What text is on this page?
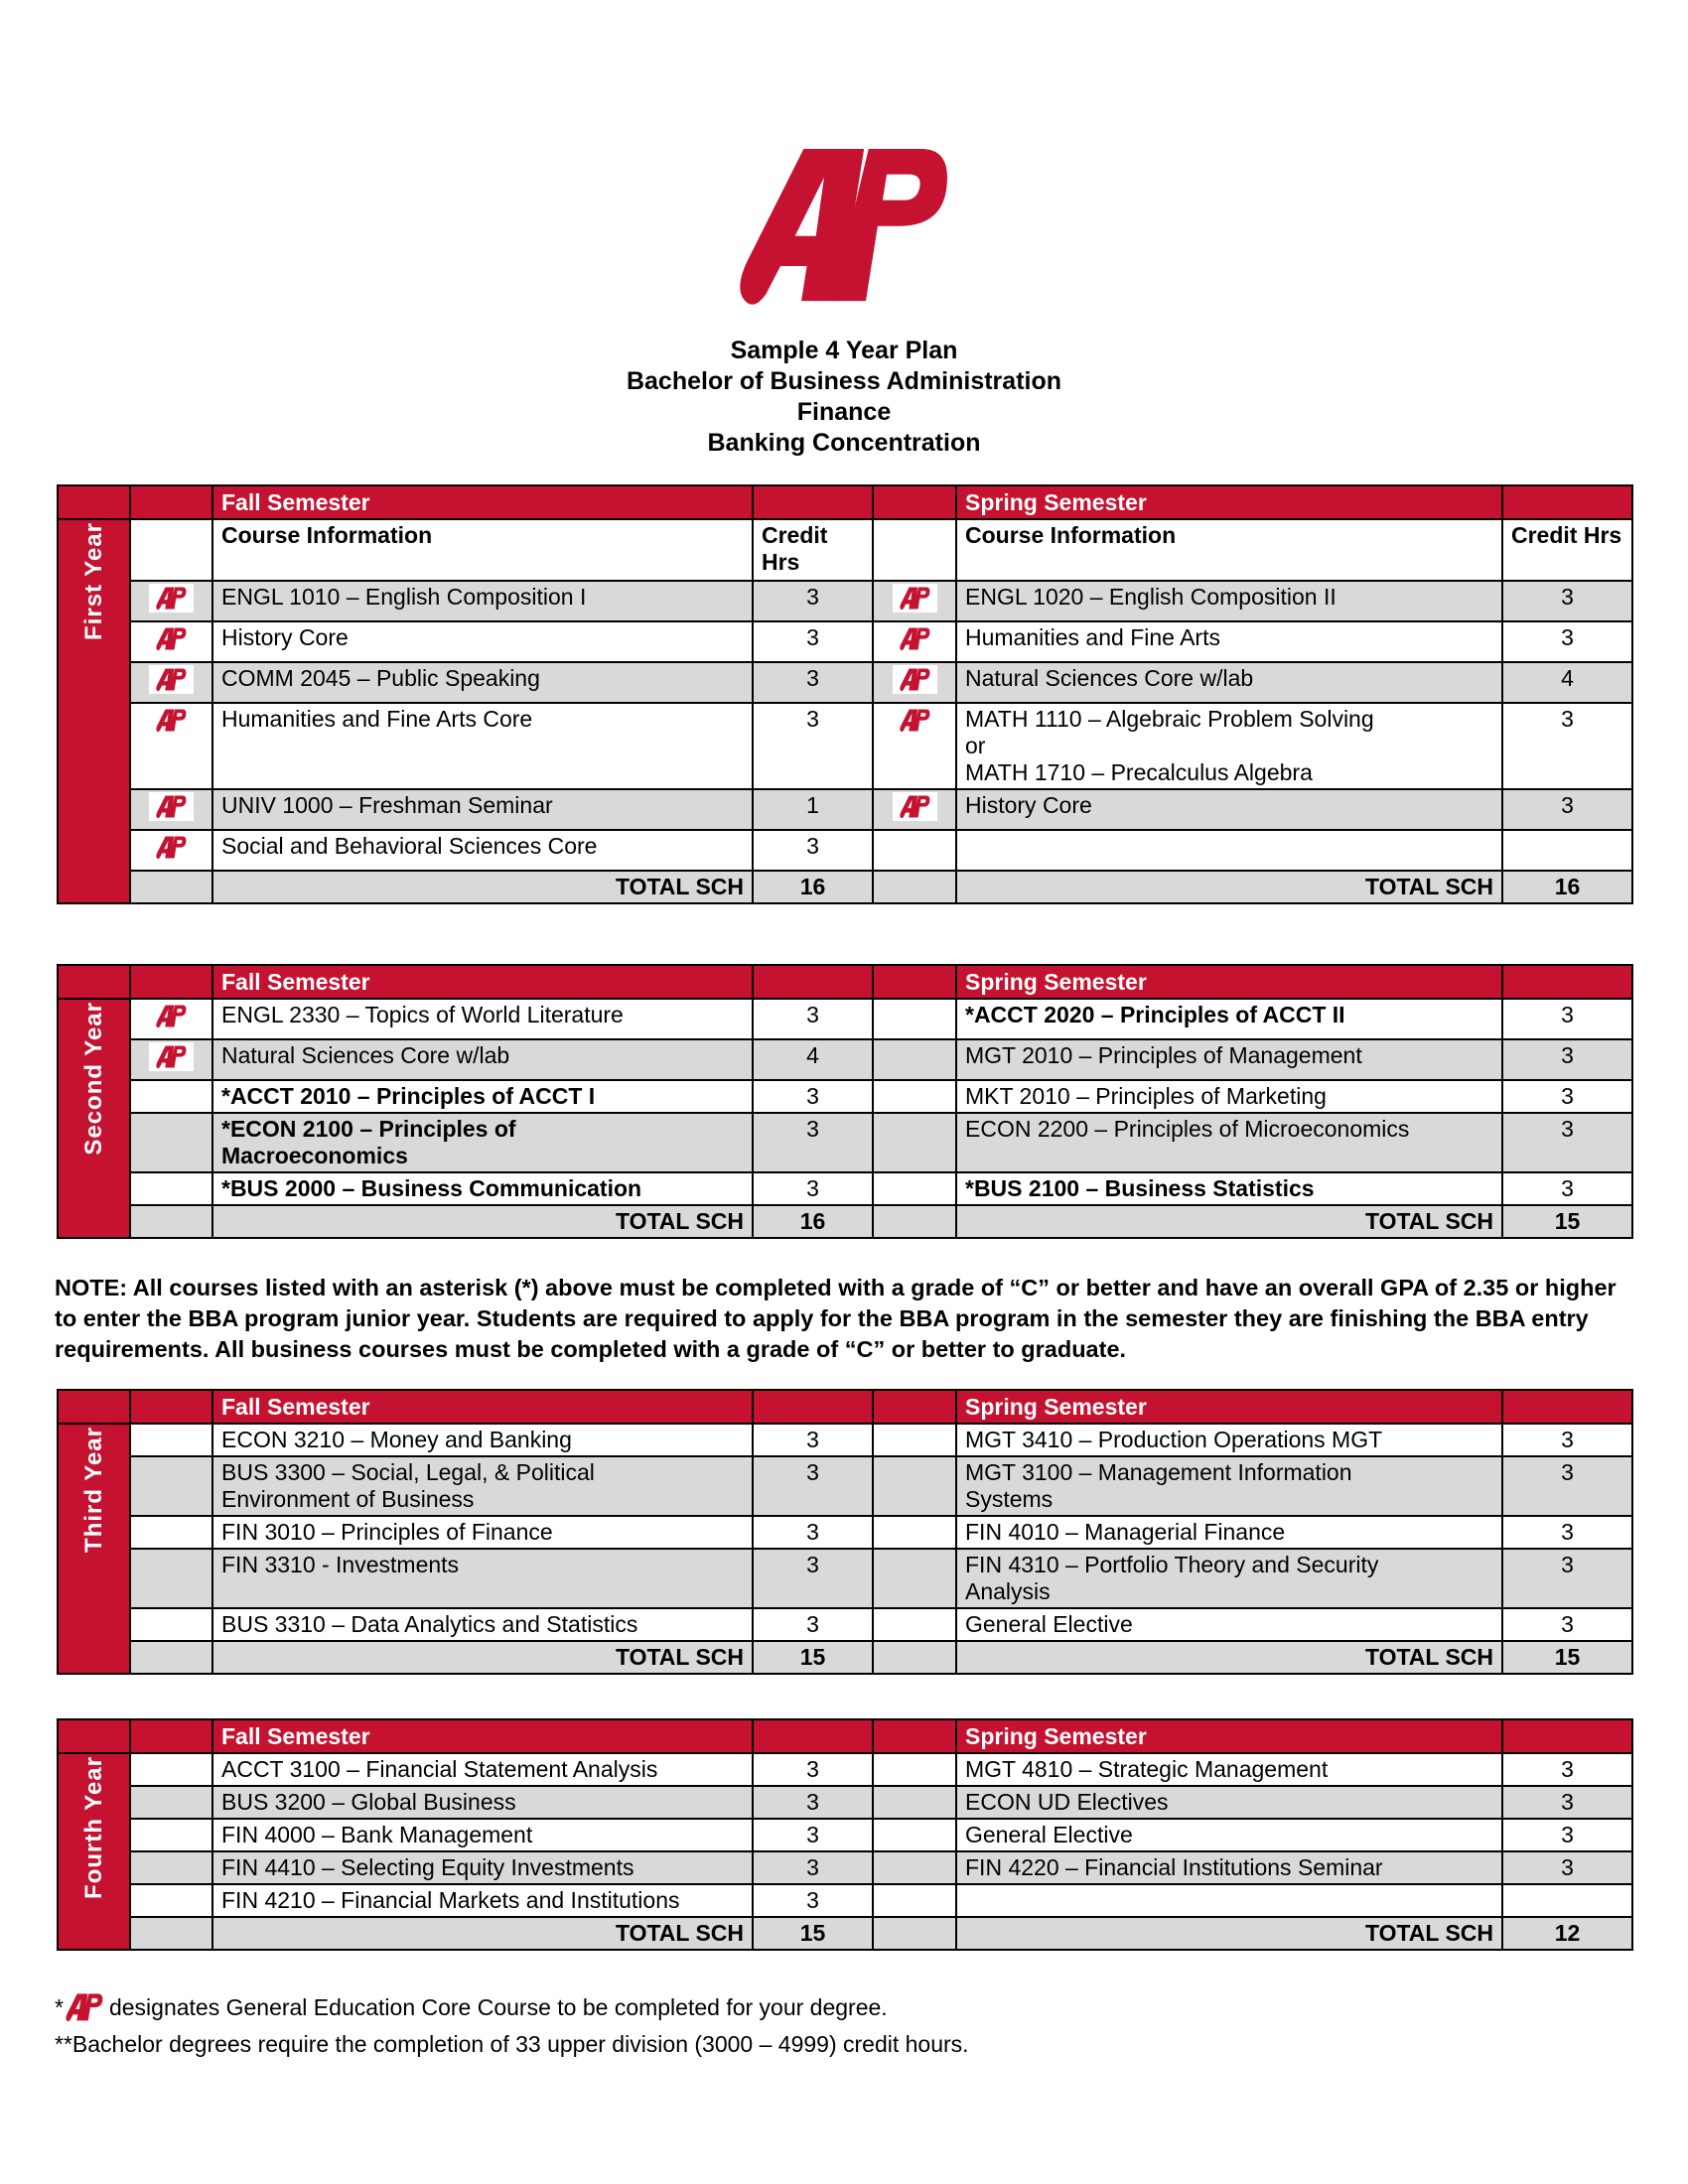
Sample 4 Year Plan
Bachelor of Business Administration
Finance
Banking Concentration
		Fall Semester			Spring Semester	
First Year		Course Information	Credit Hrs		Course Information	Credit Hrs

	ENGL 1010 – English Composition I	3		ENGL 1020 – English Composition II	3

	History Core	3		Humanities and Fine Arts	3

	COMM 2045 – Public Speaking	3		Natural Sciences Core w/lab	4

	Humanities and Fine Arts Core	3		MATH 1110 – Algebraic Problem Solving
or
MATH 1710 – Precalculus Algebra	3

	UNIV 1000 – Freshman Seminar	1		History Core	3

	Social and Behavioral Sciences Core	3			
		TOTAL SCH	16		TOTAL SCH	16
		Fall Semester			Spring Semester	
Second Year		ENGL 2330 – Topics of World Literature	3		*ACCT 2020 – Principles of ACCT II	3

	Natural Sciences Core w/lab	4		MGT 2010 – Principles of Management	3
		*ACCT 2010 – Principles of ACCT I	3		MKT 2010 – Principles of Marketing	3
		*ECON 2100 – Principles of
Macroeconomics	3		ECON 2200 – Principles of Microeconomics	3
		*BUS 2000 – Business Communication	3		*BUS 2100 – Business Statistics	3
		TOTAL SCH	16		TOTAL SCH	15

NOTE: All courses listed with an asterisk (*) above must be completed with a grade of “C” or better and have an overall GPA of 2.35 or higher to enter the BBA program junior year. Students are required to apply for the BBA program in the semester they are finishing the BBA entry requirements. All business courses must be completed with a grade of “C” or better to graduate.

		Fall Semester			Spring Semester	
Third Year		ECON 3210 – Money and Banking	3		MGT 3410 – Production Operations MGT	3
		BUS 3300 – Social, Legal, & Political
Environment of Business	3		MGT 3100 – Management Information
Systems	3
		FIN 3010 – Principles of Finance	3		FIN 4010 – Managerial Finance	3
		FIN 3310 - Investments	3		FIN 4310 – Portfolio Theory and Security
Analysis	3
		BUS 3310 – Data Analytics and Statistics	3		General Elective	3
		TOTAL SCH	15		TOTAL SCH	15
		Fall Semester			Spring Semester	
Fourth Year		ACCT 3100 – Financial Statement Analysis	3		MGT 4810 – Strategic Management	3
		BUS 3200 – Global Business	3		ECON UD Electives	3
		FIN 4000 – Bank Management	3		General Elective	3
		FIN 4410 – Selecting Equity Investments	3		FIN 4220 – Financial Institutions Seminar	3
		FIN 4210 – Financial Markets and Institutions	3			
		TOTAL SCH	15		TOTAL SCH	12
* designates General Education Core Course to be completed for your degree.
**Bachelor degrees require the completion of 33 upper division (3000 – 4999) credit hours.
